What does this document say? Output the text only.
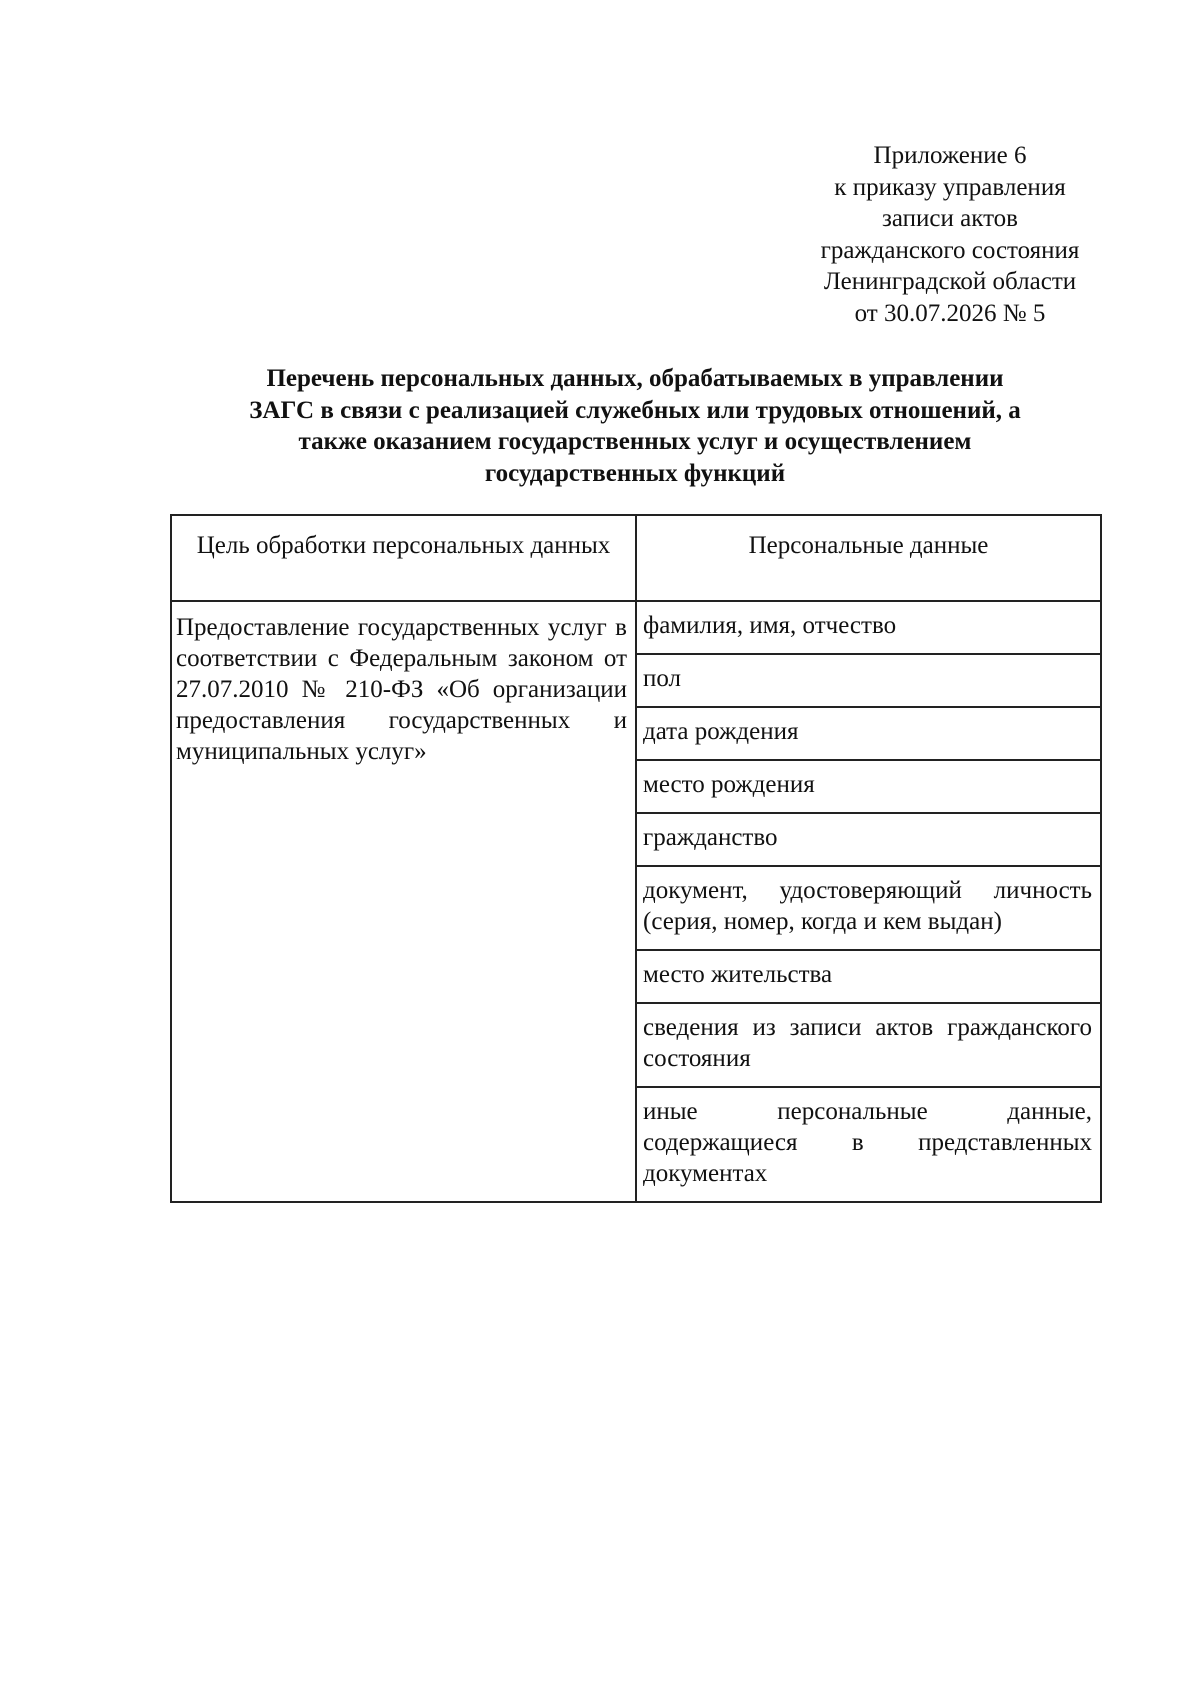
Приложение 6
к приказу управления
записи актов
гражданского состояния
Ленинградской области
от 30.07.2026 № 5
Перечень персональных данных, обрабатываемых в управлении
ЗАГС в связи с реализацией служебных или трудовых отношений, а
также оказанием государственных услуг и осуществлением
государственных функций
Цель обработки персональных данных	Персональные данные
Предоставление государственных услуг в соответствии с Федеральным законом от 27.07.2010 № 210-ФЗ «Об организации предоставления государственных и муниципальных услуг»	фамилия, имя, отчество
	пол
	дата рождения
	место рождения
	гражданство
	документ, удостоверяющий личность (серия, номер, когда и кем выдан)
	место жительства
	сведения из записи актов гражданского состояния
	иные персональные данные, содержащиеся в представленных документах
